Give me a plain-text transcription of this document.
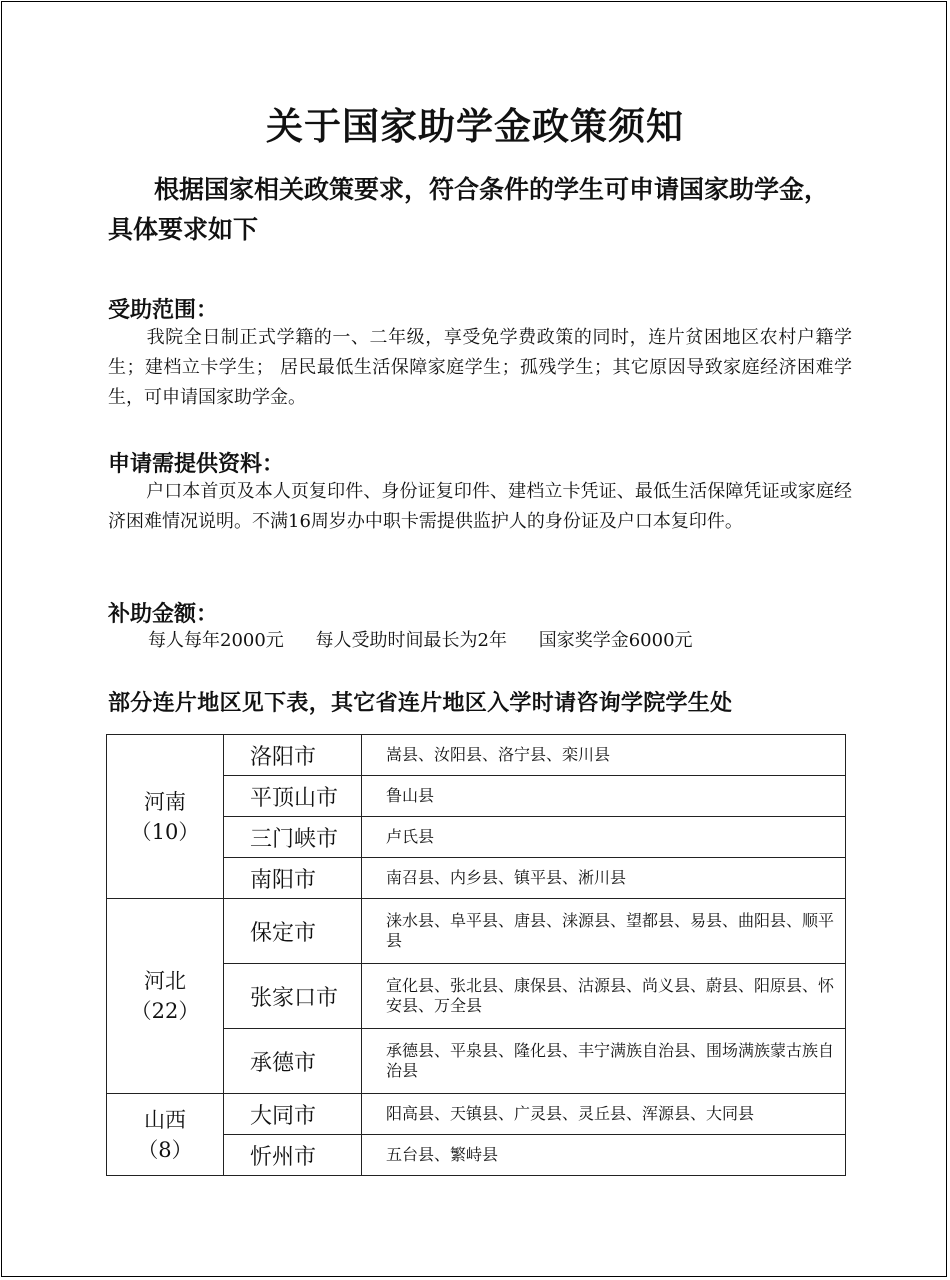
关于国家助学金政策须知
根据国家相关政策要求，符合条件的学生可申请国家助学金，具体要求如下
受助范围：
我院全日制正式学籍的一、二年级，享受免学费政策的同时，连片贫困地区农村户籍学生；建档立卡学生； 居民最低生活保障家庭学生；孤残学生；其它原因导致家庭经济困难学生，可申请国家助学金。
申请需提供资料：
户口本首页及本人页复印件、身份证复印件、建档立卡凭证、最低生活保障凭证或家庭经济困难情况说明。不满16周岁办中职卡需提供监护人的身份证及户口本复印件。
补助金额：
每人每年2000元 每人受助时间最长为2年 国家奖学金6000元
部分连片地区见下表，其它省连片地区入学时请咨询学院学生处
河南
（10）	洛阳市	嵩县、汝阳县、洛宁县、栾川县
	平顶山市	鲁山县
	三门峡市	卢氏县
	南阳市	南召县、内乡县、镇平县、淅川县

河北
（22）	保定市	涞水县、阜平县、唐县、涞源县、望都县、易县、曲阳县、顺平县
	张家口市	宣化县、张北县、康保县、沽源县、尚义县、蔚县、阳原县、怀安县、万全县
	承德市	承德县、平泉县、隆化县、丰宁满族自治县、围场满族蒙古族自治县

山西
（8）	大同市	阳高县、天镇县、广灵县、灵丘县、浑源县、大同县
	忻州市	五台县、繁峙县
